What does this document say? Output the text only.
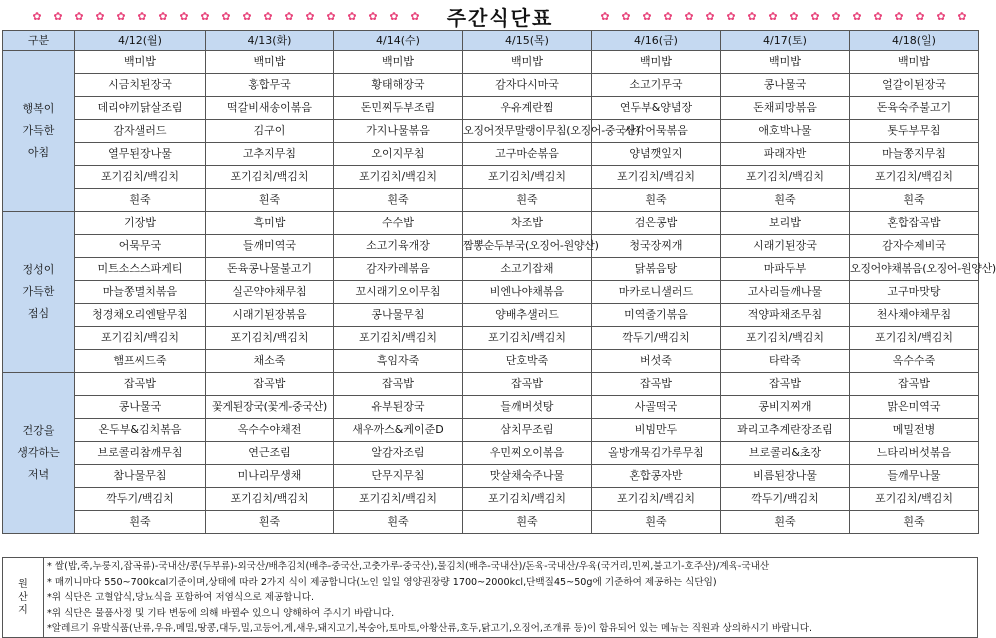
✿ ✿ ✿ ✿ ✿ ✿ ✿ ✿ ✿ ✿ ✿ ✿ ✿ ✿ ✿ ✿ ✿ ✿ ✿	주간식단표	✿ ✿ ✿ ✿ ✿ ✿ ✿ ✿ ✿ ✿ ✿ ✿ ✿ ✿ ✿ ✿ ✿ ✿
구분	4/12(월)	4/13(화)	4/14(수)	4/15(목)	4/16(금)	4/17(토)	4/18(일)

행복이
가득한
아침	백미밥	백미밥	백미밥	백미밥	백미밥	백미밥	백미밥
	시금치된장국	홍합무국	황태해장국	감자다시마국	소고기무국	콩나물국	얼갈이된장국
	데리야끼닭살조림	떡갈비새송이볶음	돈민찌두부조림	우유계란찜	연두부&양념장	돈채피망볶음	돈육숙주불고기
	감자샐러드	김구이	가지나물볶음	오징어젓무말랭이무침(오징어-중국산)	사각어묵볶음	애호박나물	톳두부무침
	열무된장나물	고추지무침	오이지무침	고구마순볶음	양념깻잎지	파래자반	마늘쫑지무침
	포기김치/백김치	포기김치/백김치	포기김치/백김치	포기김치/백김치	포기김치/백김치	포기김치/백김치	포기김치/백김치
	흰죽	흰죽	흰죽	흰죽	흰죽	흰죽	흰죽

정성이
가득한
점심	기장밥	흑미밥	수수밥	차조밥	검은콩밥	보리밥	혼합잡곡밥
	어묵무국	들깨미역국	소고기육개장	짬뽕순두부국(오징어-원양산)	청국장찌개	시래기된장국	감자수제비국
	미트소스스파게티	돈육콩나물불고기	감자카레볶음	소고기잡채	닭볶음탕	마파두부	오징어야채볶음(오징어-원양산)
	마늘쫑멸치볶음	실곤약야채무침	꼬시래기오이무침	비엔나야채볶음	마카로니샐러드	고사리들깨나물	고구마맛탕
	청경채오리엔탈무침	시래기된장볶음	콩나물무침	양배추샐러드	미역줄기볶음	적양파채조무침	천사채야채무침
	포기김치/백김치	포기김치/백김치	포기김치/백김치	포기김치/백김치	깍두기/백김치	포기김치/백김치	포기김치/백김치
	햄프씨드죽	채소죽	흑임자죽	단호박죽	버섯죽	타락죽	옥수수죽

건강을
생각하는
저녁	잡곡밥	잡곡밥	잡곡밥	잡곡밥	잡곡밥	잡곡밥	잡곡밥
	콩나물국	꽃게된장국(꽃게-중국산)	유부된장국	들깨버섯탕	사골떡국	콩비지찌개	맑은미역국
	온두부&김치볶음	옥수수야채전	새우까스&케이준D	삼치무조림	비빔만두	꽈리고추계란장조림	메밀전병
	브로콜리참깨무침	연근조림	알감자조림	우민찌오이볶음	올방개묵김가루무침	브로콜리&초장	느타리버섯볶음
	참나물무침	미나리무생채	단무지무침	맛살채숙주나물	혼합콩자반	비름된장나물	들깨무나물
	깍두기/백김치	포기김치/백김치	포기김치/백김치	포기김치/백김치	포기김치/백김치	깍두기/백김치	포기김치/백김치
	흰죽	흰죽	흰죽	흰죽	흰죽	흰죽	흰죽
원
산
지
* 쌀(밥,죽,누룽지,잡곡류)-국내산/콩(두부류)-외국산/배추김치(배추-중국산,고춧가루-중국산),물김치(배추-국내산)/돈육-국내산/우육(국거리,민찌,불고기-호주산)/계육-국내산
* 매끼니마다 550~700kcal기준이며,상태에 따라 2가지 식이 제공합니다(노인 일일 영양권장량 1700~2000kcl,단백질45~50g에 기준하여 제공하는 식단임)
*위 식단은 고혈압식,당뇨식을 포함하여 저염식으로 제공합니다.
*위 식단은 물품사정 및 기타 변동에 의해 바뀔수 있으니 양해하여 주시기 바랍니다.
*알레르기 유발식품(난류,우유,메밀,땅콩,대두,밀,고등어,게,새우,돼지고기,복숭아,토마토,아황산류,호두,닭고기,오징어,조개류 등)이 함유되어 있는 메뉴는 직원과 상의하시기 바랍니다.
